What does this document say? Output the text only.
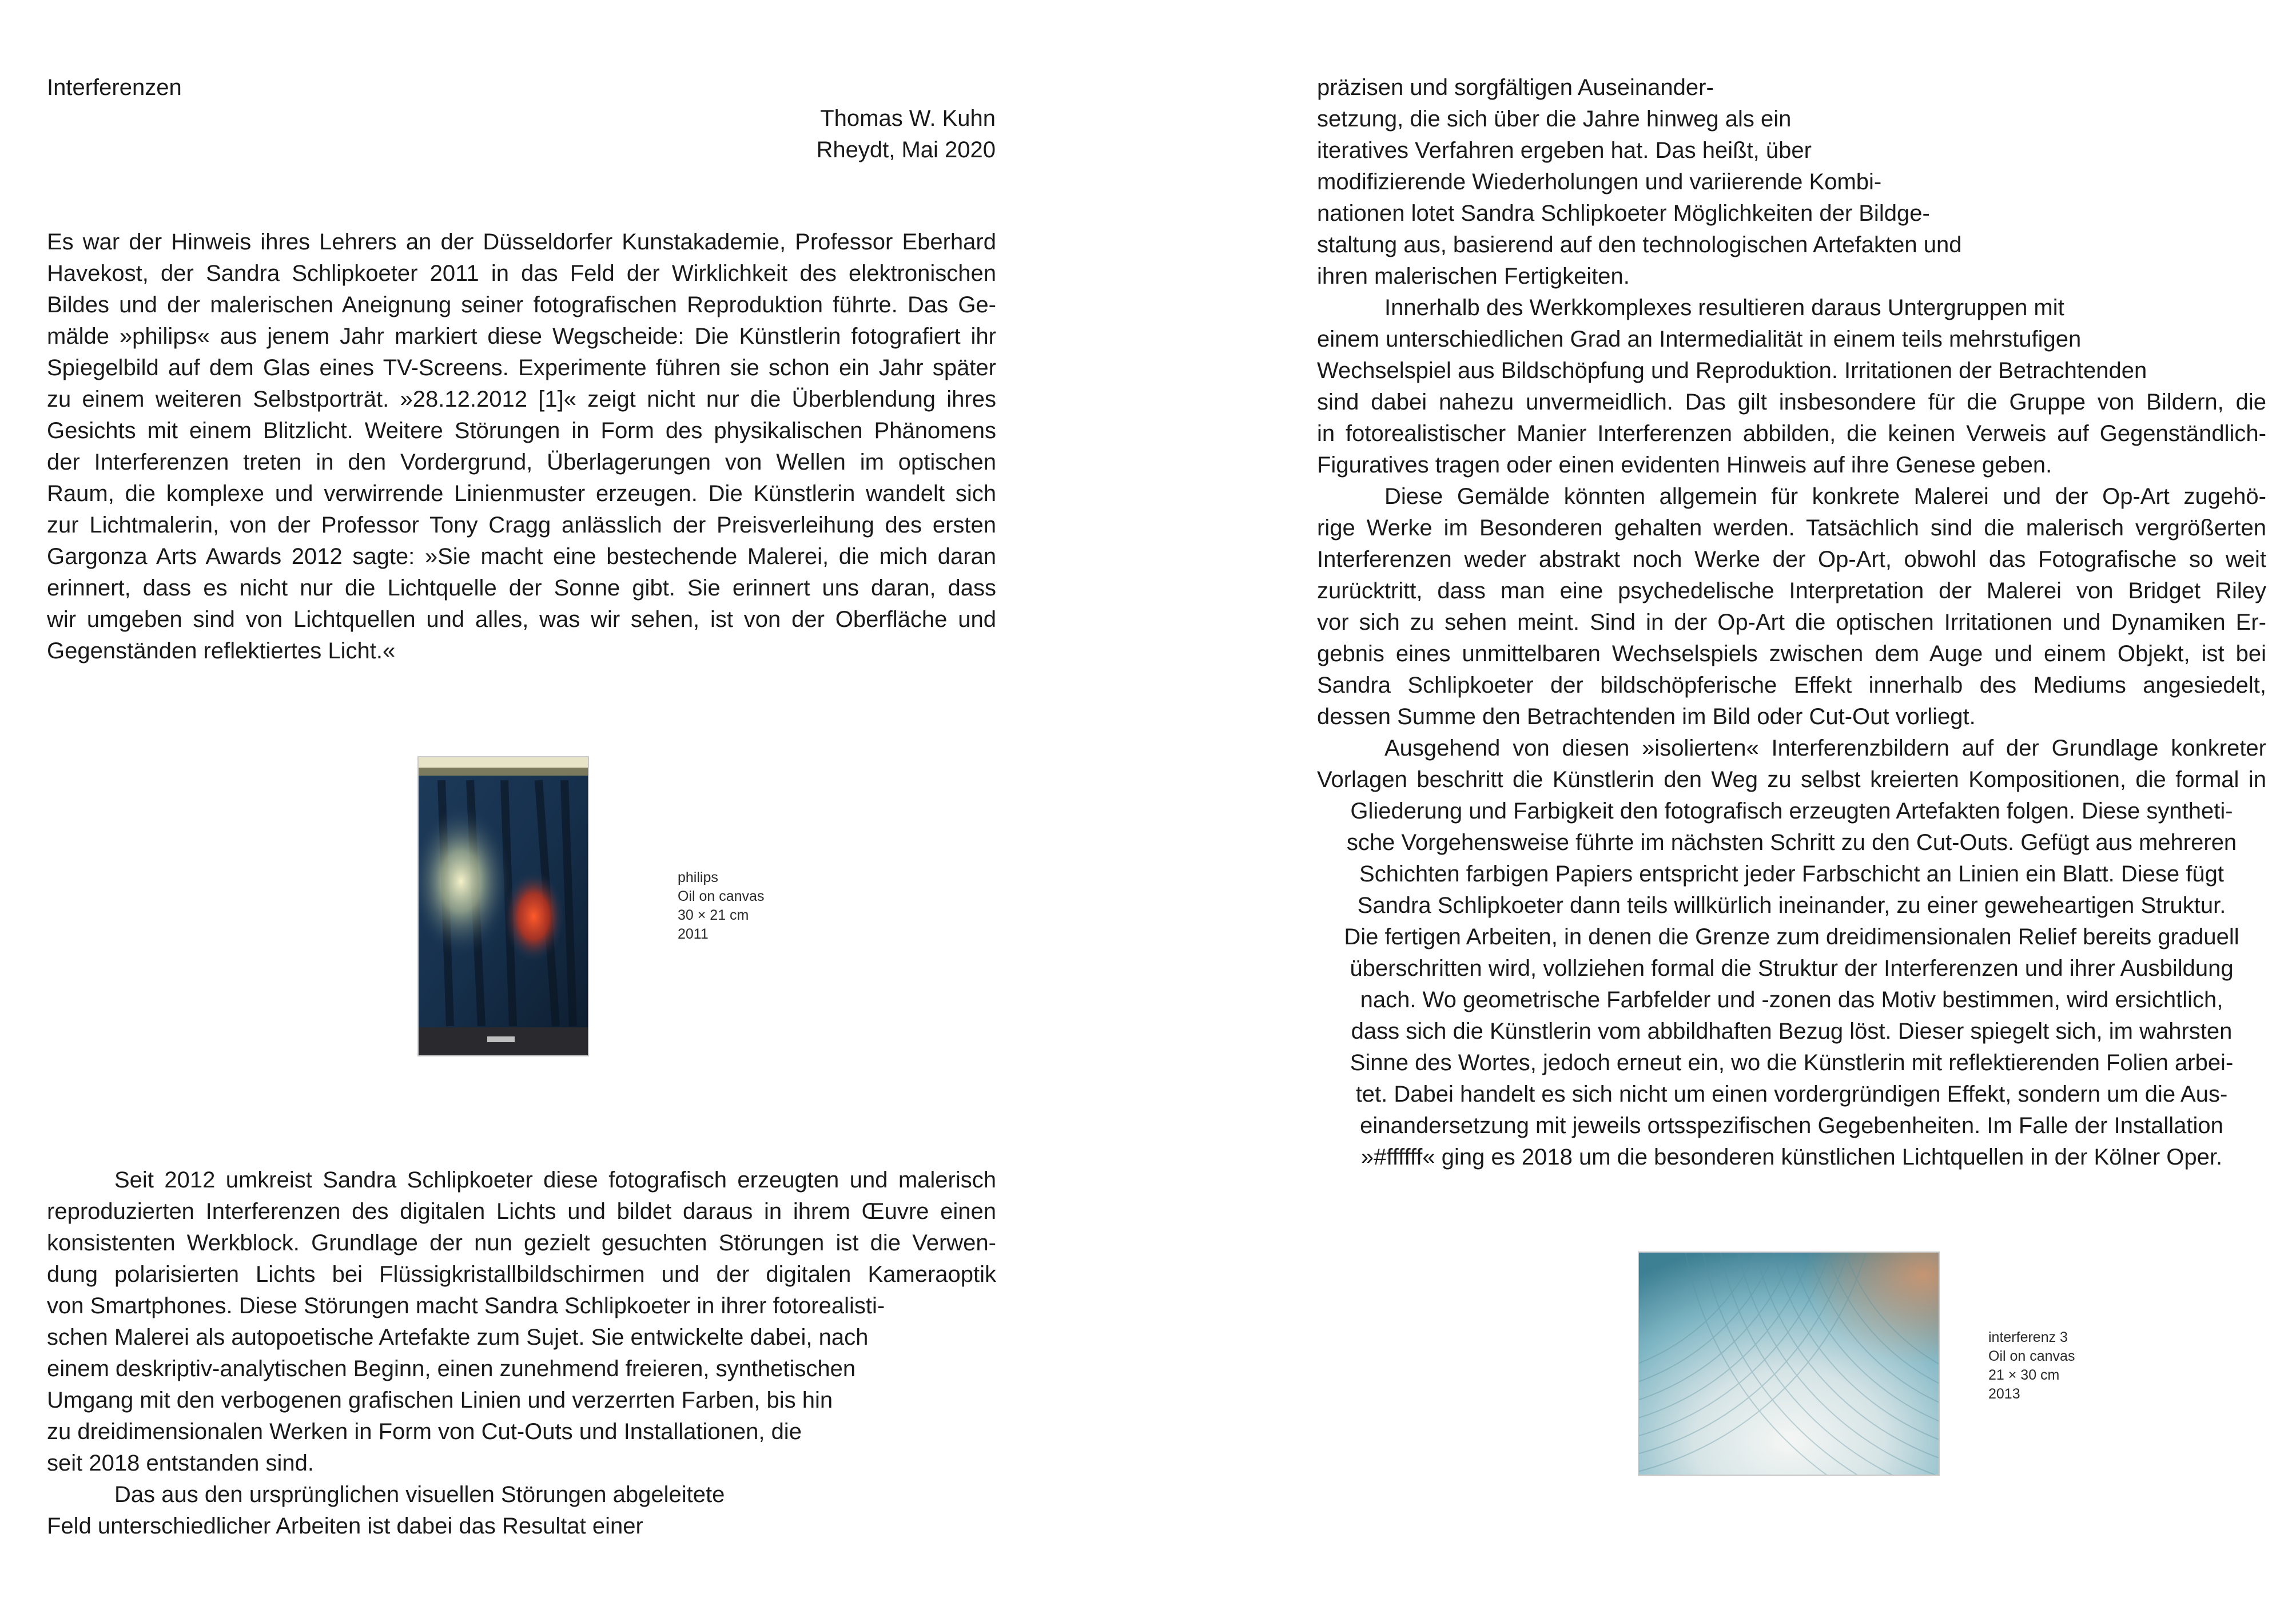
Interferenzen
Thomas W. Kuhn
Rheydt, Mai 2020
Es war der Hinweis ihres Lehrers an der Düsseldorfer Kunstakademie, Professor Eberhard
Havekost, der Sandra Schlipkoeter 2011 in das Feld der Wirklichkeit des elektronischen
Bildes und der malerischen Aneignung seiner fotografischen Reproduktion führte. Das Ge-
mälde »philips« aus jenem Jahr markiert diese Wegscheide: Die Künstlerin fotografiert ihr
Spiegelbild auf dem Glas eines TV-Screens. Experimente führen sie schon ein Jahr später
zu einem weiteren Selbstporträt. »28.12.2012 [1]« zeigt nicht nur die Überblendung ihres
Gesichts mit einem Blitzlicht. Weitere Störungen in Form des physikalischen Phänomens
der Interferenzen treten in den Vordergrund, Überlagerungen von Wellen im optischen
Raum, die komplexe und verwirrende Linienmuster erzeugen. Die Künstlerin wandelt sich
zur Lichtmalerin, von der Professor Tony Cragg anlässlich der Preisverleihung des ersten
Gargonza Arts Awards 2012 sagte: »Sie macht eine bestechende Malerei, die mich daran
erinnert, dass es nicht nur die Lichtquelle der Sonne gibt. Sie erinnert uns daran, dass
wir umgeben sind von Lichtquellen und alles, was wir sehen, ist von der Oberfläche und
Gegenständen reflektiertes Licht.«
philips
Oil on canvas
30 × 21 cm
2011
Seit 2012 umkreist Sandra Schlipkoeter diese fotografisch erzeugten und malerisch
reproduzierten Interferenzen des digitalen Lichts und bildet daraus in ihrem Œuvre einen
konsistenten Werkblock. Grundlage der nun gezielt gesuchten Störungen ist die Verwen-
dung polarisierten Lichts bei Flüssigkristallbildschirmen und der digitalen Kameraoptik
von Smartphones. Diese Störungen macht Sandra Schlipkoeter in ihrer fotorealisti-
schen Malerei als autopoetische Artefakte zum Sujet. Sie entwickelte dabei, nach
einem deskriptiv-analytischen Beginn, einen zunehmend freieren, synthetischen
Umgang mit den verbogenen grafischen Linien und verzerrten Farben, bis hin
zu dreidimensionalen Werken in Form von Cut-Outs und Installationen, die
seit 2018 entstanden sind.
Das aus den ursprünglichen visuellen Störungen abgeleitete
Feld unterschiedlicher Arbeiten ist dabei das Resultat einer
präzisen und sorgfältigen Auseinander-
setzung, die sich über die Jahre hinweg als ein
iteratives Verfahren ergeben hat. Das heißt, über
modifizierende Wiederholungen und variierende Kombi-
nationen lotet Sandra Schlipkoeter Möglichkeiten der Bildge-
staltung aus, basierend auf den technologischen Artefakten und
ihren malerischen Fertigkeiten.
Innerhalb des Werkkomplexes resultieren daraus Untergruppen mit
einem unterschiedlichen Grad an Intermedialität in einem teils mehrstufigen
Wechselspiel aus Bildschöpfung und Reproduktion. Irritationen der Betrachtenden
sind dabei nahezu unvermeidlich. Das gilt insbesondere für die Gruppe von Bildern, die
in fotorealistischer Manier Interferenzen abbilden, die keinen Verweis auf Gegenständlich-
Figuratives tragen oder einen evidenten Hinweis auf ihre Genese geben.
Diese Gemälde könnten allgemein für konkrete Malerei und der Op-Art zugehö-
rige Werke im Besonderen gehalten werden. Tatsächlich sind die malerisch vergrößerten
Interferenzen weder abstrakt noch Werke der Op-Art, obwohl das Fotografische so weit
zurücktritt, dass man eine psychedelische Interpretation der Malerei von Bridget Riley
vor sich zu sehen meint. Sind in der Op-Art die optischen Irritationen und Dynamiken Er-
gebnis eines unmittelbaren Wechselspiels zwischen dem Auge und einem Objekt, ist bei
Sandra Schlipkoeter der bildschöpferische Effekt innerhalb des Mediums angesiedelt,
dessen Summe den Betrachtenden im Bild oder Cut-Out vorliegt.
Ausgehend von diesen »isolierten« Interferenzbildern auf der Grundlage konkreter
Vorlagen beschritt die Künstlerin den Weg zu selbst kreierten Kompositionen, die formal in
Gliederung und Farbigkeit den fotografisch erzeugten Artefakten folgen. Diese syntheti-
sche Vorgehensweise führte im nächsten Schritt zu den Cut-Outs. Gefügt aus mehreren
Schichten farbigen Papiers entspricht jeder Farbschicht an Linien ein Blatt. Diese fügt
Sandra Schlipkoeter dann teils willkürlich ineinander, zu einer geweheartigen Struktur.
Die fertigen Arbeiten, in denen die Grenze zum dreidimensionalen Relief bereits graduell
überschritten wird, vollziehen formal die Struktur der Interferenzen und ihrer Ausbildung
nach. Wo geometrische Farbfelder und -zonen das Motiv bestimmen, wird ersichtlich,
dass sich die Künstlerin vom abbildhaften Bezug löst. Dieser spiegelt sich, im wahrsten
Sinne des Wortes, jedoch erneut ein, wo die Künstlerin mit reflektierenden Folien arbei-
tet. Dabei handelt es sich nicht um einen vordergründigen Effekt, sondern um die Aus-
einandersetzung mit jeweils ortsspezifischen Gegebenheiten. Im Falle der Installation
»#ffffff« ging es 2018 um die besonderen künstlichen Lichtquellen in der Kölner Oper.
interferenz 3
Oil on canvas
21 × 30 cm
2013
